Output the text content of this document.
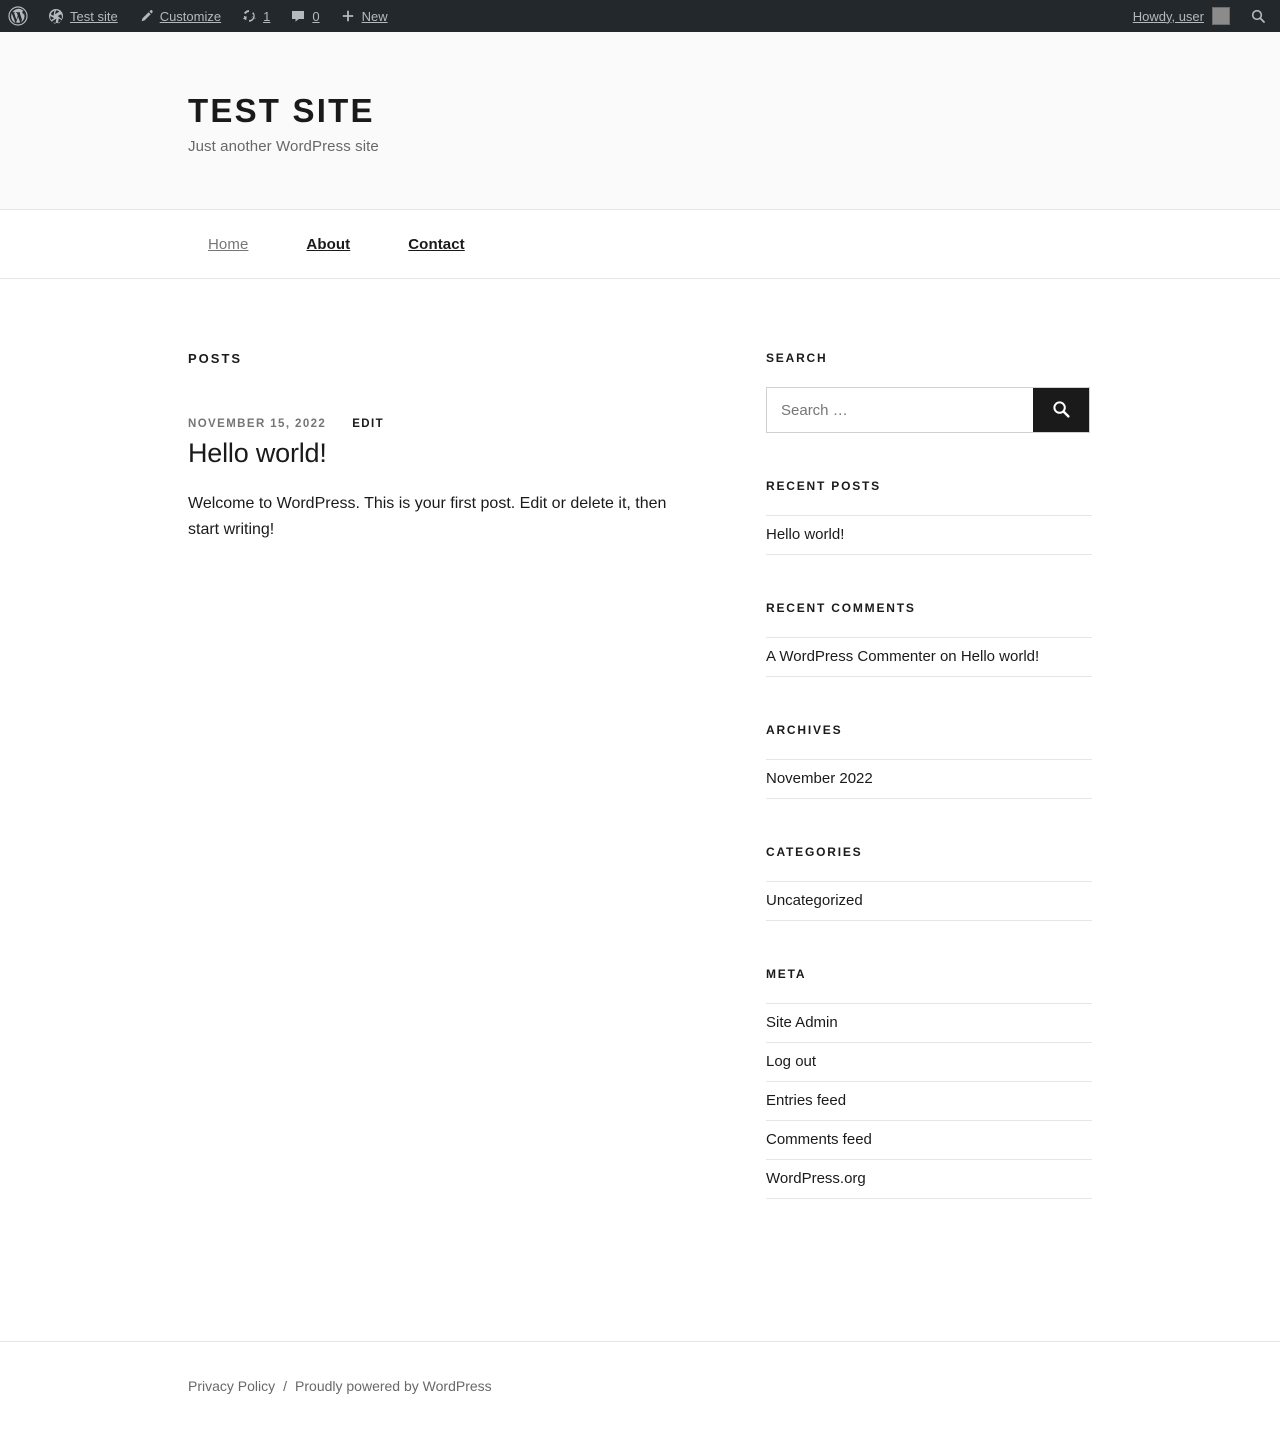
Test site	Customize	1	0	New	Howdy, user
TEST SITE
Just another WordPress site
Home	About	Contact
POSTS
NOVEMBER 15, 2022 EDIT
Hello world!

Welcome to WordPress. This is your first post. Edit or delete it, then start writing!

SEARCH
Search …
RECENT POSTS
Hello world!
RECENT COMMENTS
A WordPress Commenter on Hello world!
ARCHIVES
November 2022
CATEGORIES
Uncategorized
META
Site Admin
Log out
Entries feed
Comments feed
WordPress.org
Privacy Policy / Proudly powered by WordPress
